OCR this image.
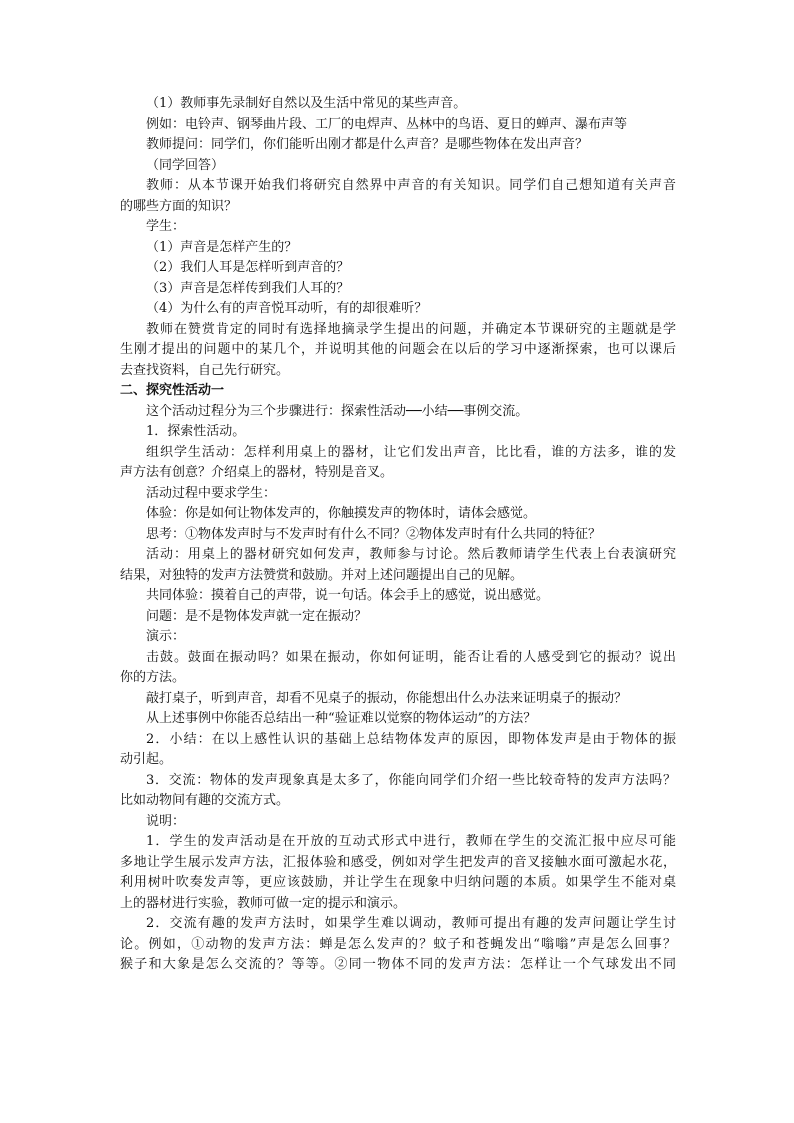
（1）教师事先录制好自然以及生活中常见的某些声音。
例如：电铃声、钢琴曲片段、工厂的电焊声、丛林中的鸟语、夏日的蝉声、瀑布声等
教师提问：同学们，你们能听出刚才都是什么声音？是哪些物体在发出声音？
（同学回答）
教师：从本节课开始我们将研究自然界中声音的有关知识。同学们自己想知道有关声音
的哪些方面的知识？
学生：
（1）声音是怎样产生的？
（2）我们人耳是怎样听到声音的？
（3）声音是怎样传到我们人耳的？
（4）为什么有的声音悦耳动听，有的却很难听？
教师在赞赏肯定的同时有选择地摘录学生提出的问题，并确定本节课研究的主题就是学
生刚才提出的问题中的某几个，并说明其他的问题会在以后的学习中逐渐探索，也可以课后
去查找资料，自己先行研究。
二、探究性活动一
这个活动过程分为三个步骤进行：探索性活动──小结──事例交流。
1．探索性活动。
组织学生活动：怎样利用桌上的器材，让它们发出声音，比比看，谁的方法多，谁的发
声方法有创意？介绍桌上的器材，特别是音叉。
活动过程中要求学生：
体验：你是如何让物体发声的，你触摸发声的物体时，请体会感觉。
思考：①物体发声时与不发声时有什么不同？②物体发声时有什么共同的特征？
活动：用桌上的器材研究如何发声，教师参与讨论。然后教师请学生代表上台表演研究
结果，对独特的发声方法赞赏和鼓励。并对上述问题提出自己的见解。
共同体验：摸着自己的声带，说一句话。体会手上的感觉，说出感觉。
问题：是不是物体发声就一定在振动？
演示：
击鼓。鼓面在振动吗？如果在振动，你如何证明，能否让看的人感受到它的振动？说出
你的方法。
敲打桌子，听到声音，却看不见桌子的振动，你能想出什么办法来证明桌子的振动？
从上述事例中你能否总结出一种“验证难以觉察的物体运动”的方法？
2．小结：在以上感性认识的基础上总结物体发声的原因，即物体发声是由于物体的振
动引起。
3．交流：物体的发声现象真是太多了，你能向同学们介绍一些比较奇特的发声方法吗？
比如动物间有趣的交流方式。
说明：
1．学生的发声活动是在开放的互动式形式中进行，教师在学生的交流汇报中应尽可能
多地让学生展示发声方法，汇报体验和感受，例如对学生把发声的音叉接触水面可激起水花，
利用树叶吹奏发声等，更应该鼓励，并让学生在现象中归纳问题的本质。如果学生不能对桌
上的器材进行实验，教师可做一定的提示和演示。
2．交流有趣的发声方法时，如果学生难以调动，教师可提出有趣的发声问题让学生讨
论。例如，①动物的发声方法：蝉是怎么发声的？蚊子和苍蝇发出“嗡嗡”声是怎么回事？
猴子和大象是怎么交流的？等等。②同一物体不同的发声方法：怎样让一个气球发出不同
